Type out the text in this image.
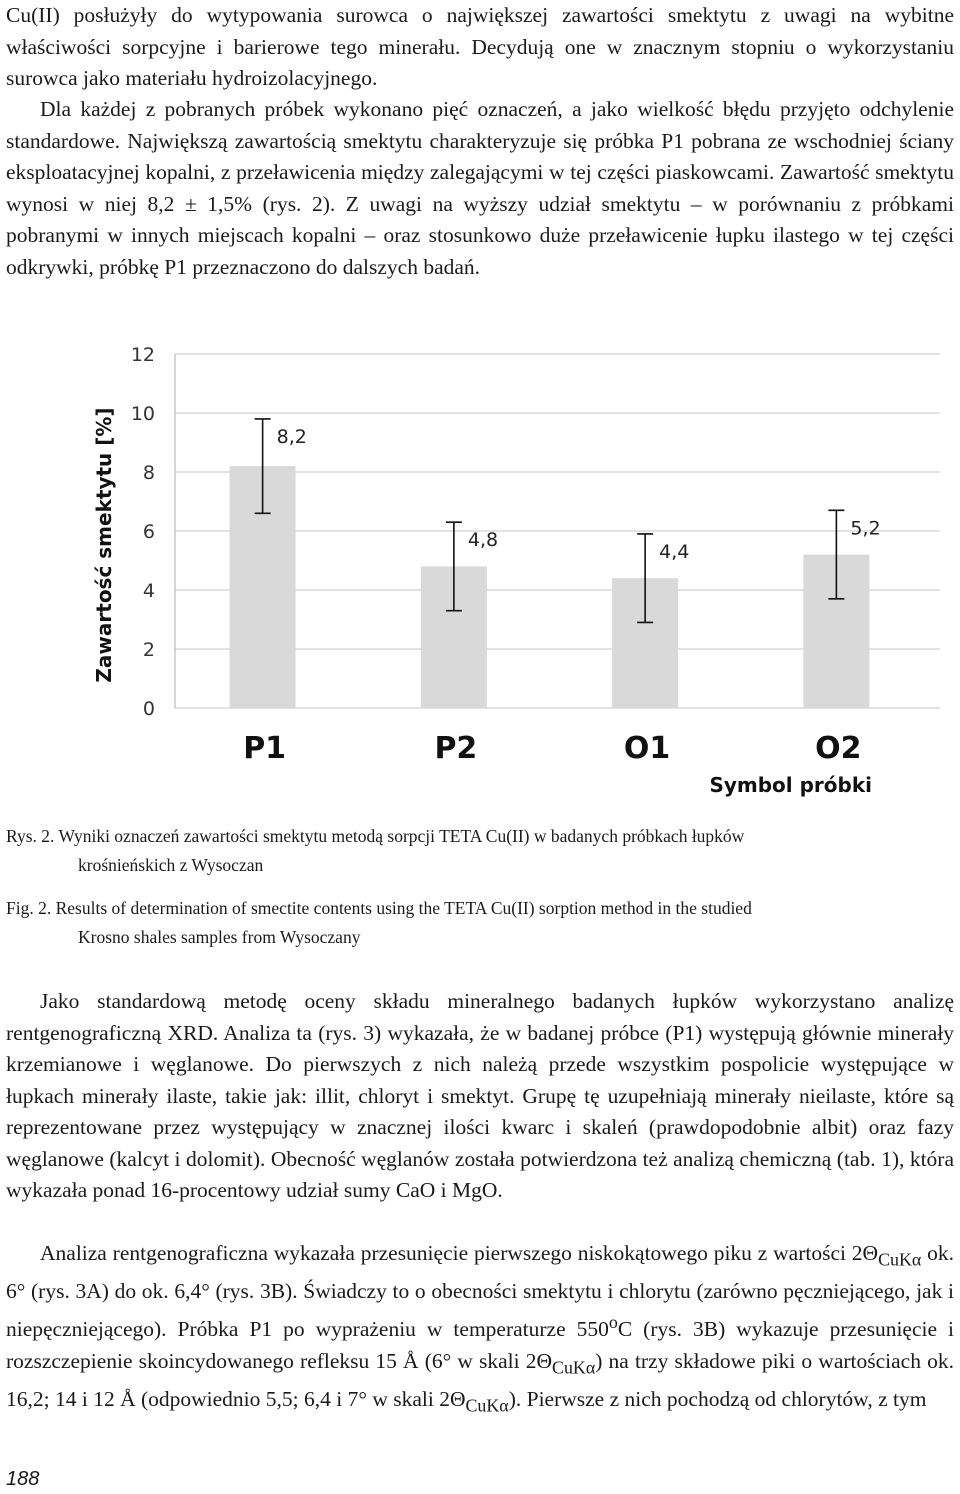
Cu(II) posłużyły do wytypowania surowca o największej zawartości smektytu z uwagi na wybitne właściwości sorpcyjne i barierowe tego minerału. Decydują one w znacznym stopniu o wykorzystaniu surowca jako materiału hydroizolacyjnego.

Dla każdej z pobranych próbek wykonano pięć oznaczeń, a jako wielkość błędu przyjęto odchylenie standardowe. Największą zawartością smektytu charakteryzuje się próbka P1 pobrana ze wschodniej ściany eksploatacyjnej kopalni, z przeławicenia między zalegającymi w tej części piaskowcami. Zawartość smektytu wynosi w niej 8,2 ± 1,5% (rys. 2). Z uwagi na wyższy udział smektytu – w porównaniu z próbkami pobranymi w innych miejscach kopalni – oraz stosunkowo duże przeławicenie łupku ilastego w tej części odkrywki, próbkę P1 przeznaczono do dalszych badań.

0
2
4
6
8
10
12
8,2
P1
4,8
P2
4,4
O1
5,2
O2
Zawartość smektytu [%]
Symbol próbki
Rys. 2. Wyniki oznaczeń zawartości smektytu metodą sorpcji TETA Cu(II) w badanych próbkach łupków
krośnieńskich z Wysoczan
Fig. 2. Results of determination of smectite contents using the TETA Cu(II) sorption method in the studied
Krosno shales samples from Wysoczany

Jako standardową metodę oceny składu mineralnego badanych łupków wykorzystano analizę rentgenograficzną XRD. Analiza ta (rys. 3) wykazała, że w badanej próbce (P1) występują głównie minerały krzemianowe i węglanowe. Do pierwszych z nich należą przede wszystkim pospolicie występujące w łupkach minerały ilaste, takie jak: illit, chloryt i smektyt. Grupę tę uzupełniają minerały nieilaste, które są reprezentowane przez występujący w znacznej ilości kwarc i skaleń (prawdopodobnie albit) oraz fazy węglanowe (kalcyt i dolomit). Obecność węglanów została potwierdzona też analizą chemiczną (tab. 1), która wykazała ponad 16-procentowy udział sumy CaO i MgO.

Analiza rentgenograficzna wykazała przesunięcie pierwszego niskokątowego piku z wartości $2\Theta_{CuK\alpha}$ ok. 6° (rys. 3A) do ok. 6,4° (rys. 3B). Świadczy to o obecności smektytu i chlorytu (zarówno pęczniejącego, jak i niepęczniejącego). Próbka P1 po wyprażeniu w temperaturze 550$^o$C (rys. 3B) wykazuje przesunięcie i rozszczepienie skoincydowanego refleksu 15 Å (6° w skali $2\Theta_{CuK\alpha}$) na trzy składowe piki o wartościach ok. 16,2; 14 i 12 Å (odpowiednio 5,5; 6,4 i 7° w skali $2\Theta_{CuK\alpha}$). Pierwsze z nich pochodzą od chlorytów, z tym

188
